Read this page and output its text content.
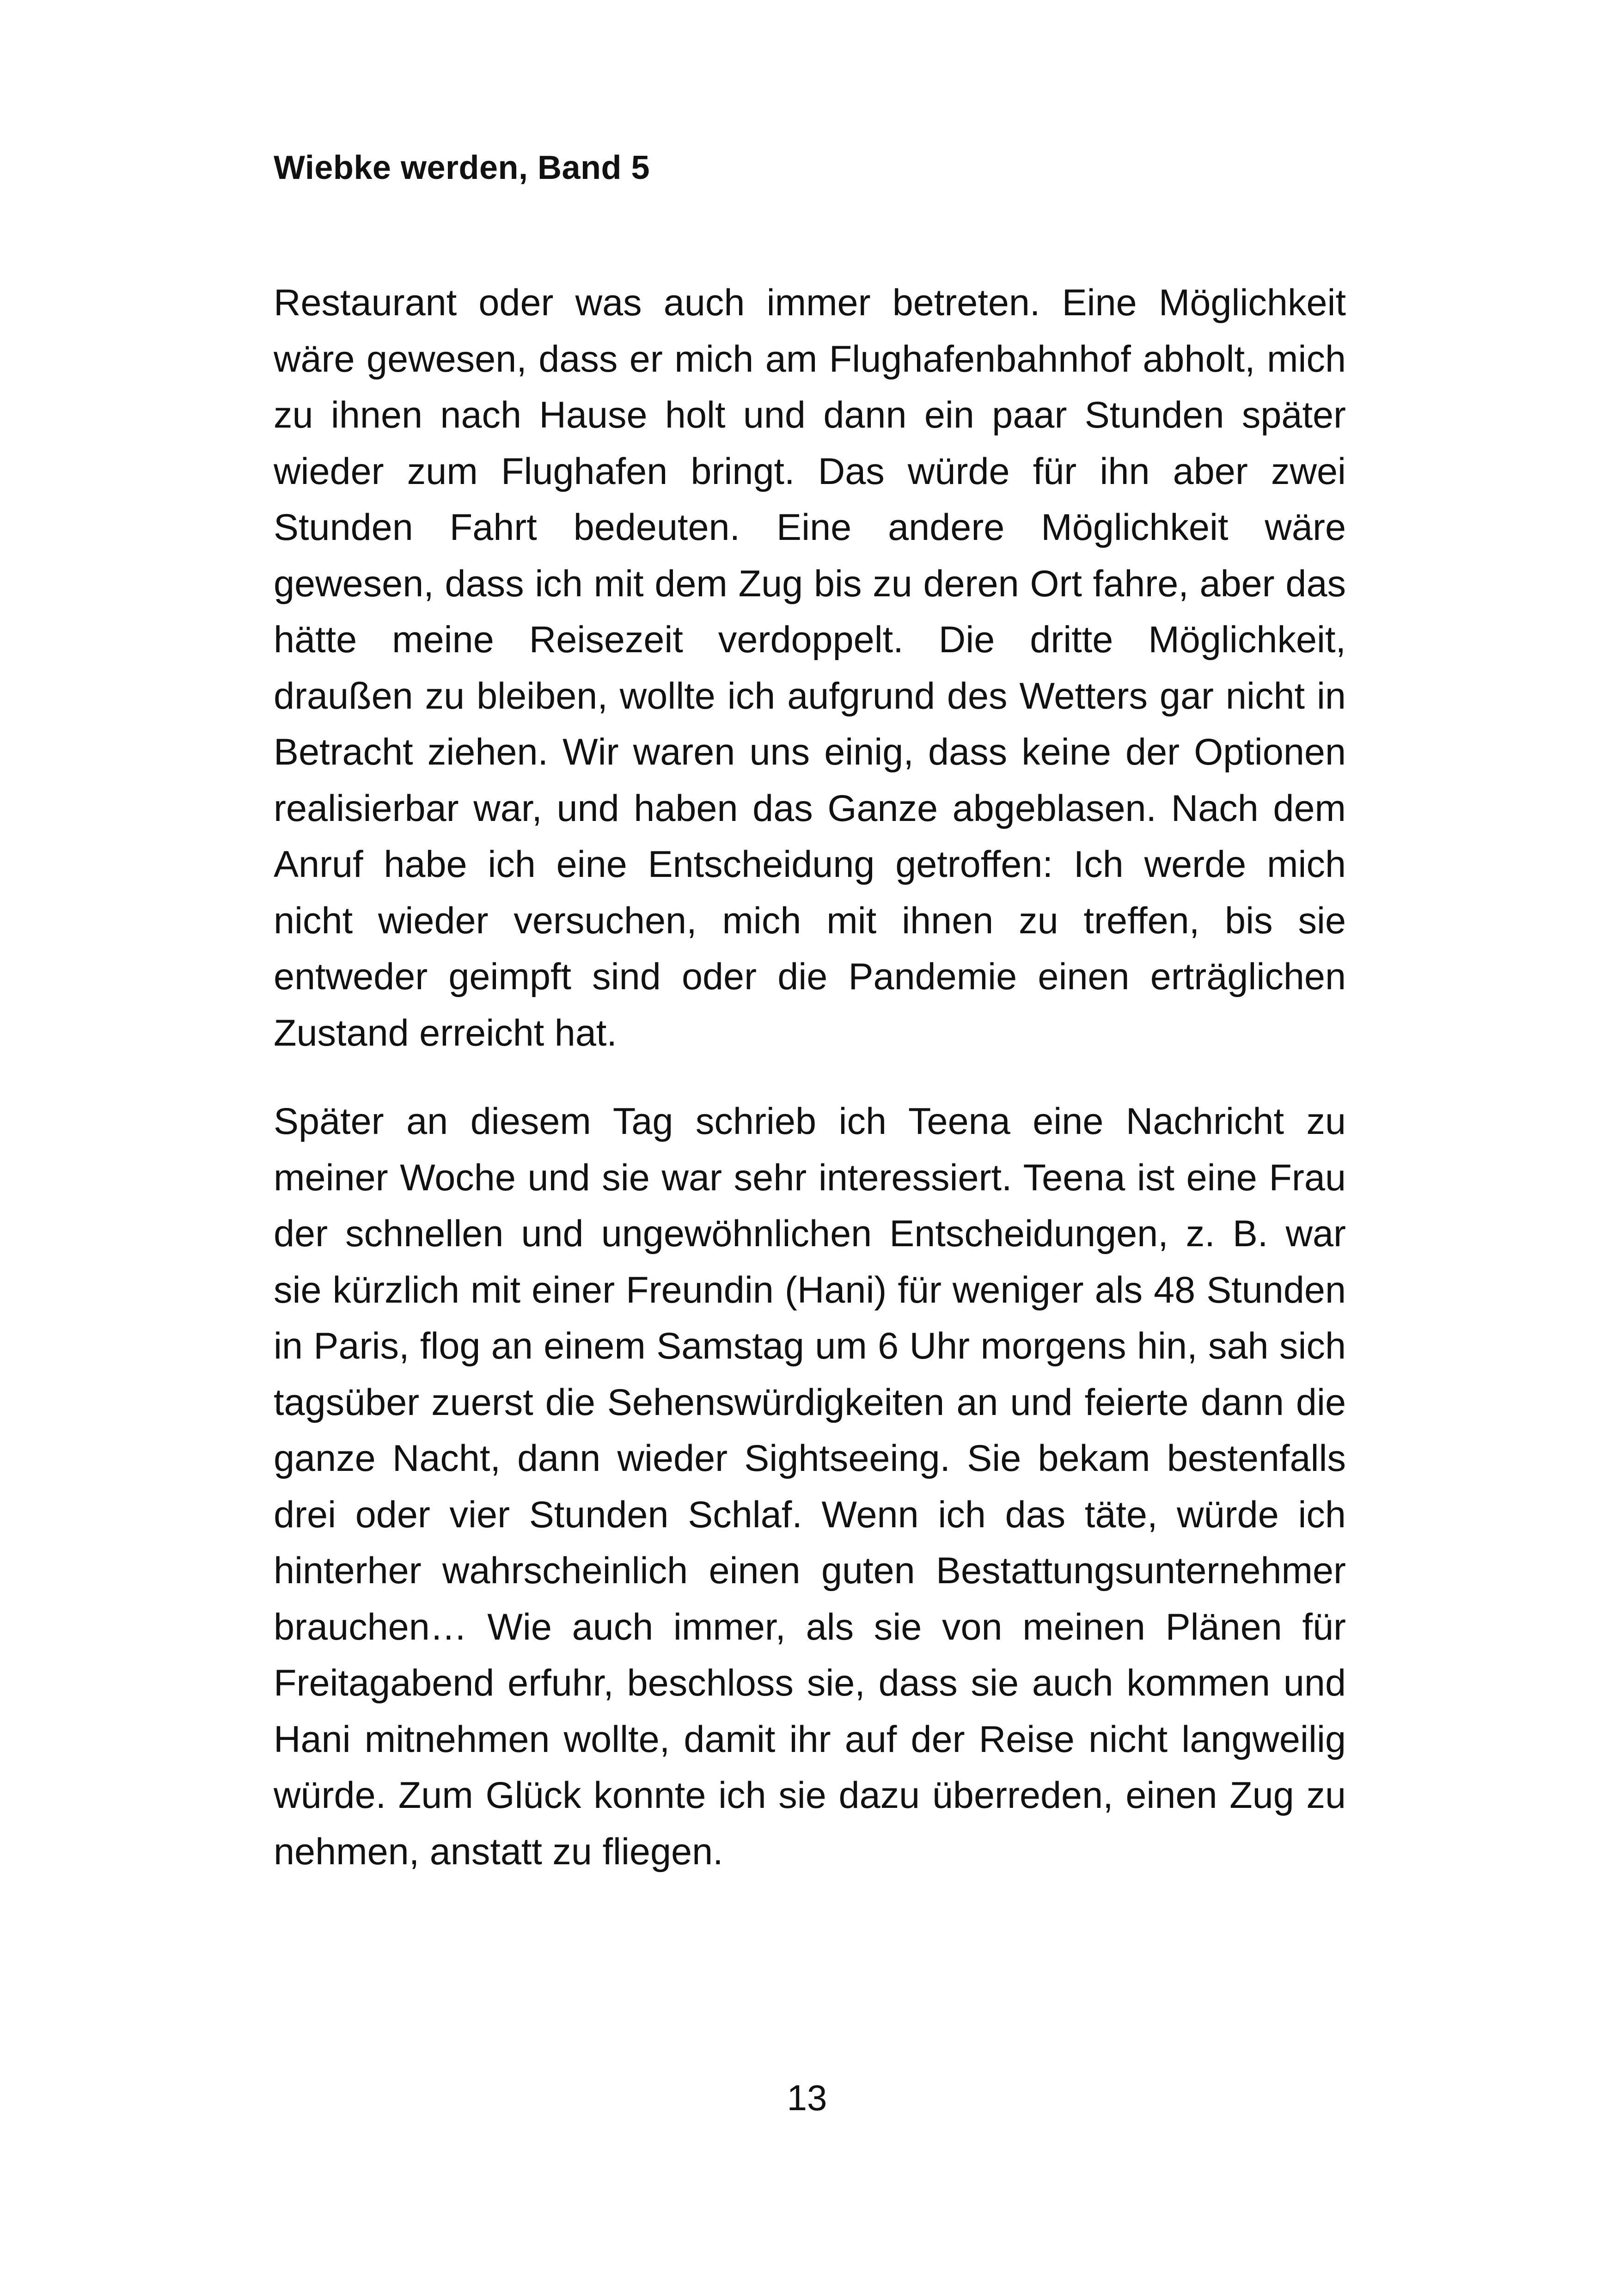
Wiebke werden, Band 5

Restaurant oder was auch immer betreten. Eine Möglichkeit wäre gewesen, dass er mich am Flughafenbahnhof abholt, mich zu ihnen nach Hause holt und dann ein paar Stunden später wieder zum Flughafen bringt. Das würde für ihn aber zwei Stunden Fahrt bedeuten. Eine andere Möglichkeit wäre gewesen, dass ich mit dem Zug bis zu deren Ort fahre, aber das hätte meine Reisezeit verdoppelt. Die dritte Möglichkeit, draußen zu bleiben, wollte ich aufgrund des Wetters gar nicht in Betracht ziehen. Wir waren uns einig, dass keine der Optionen realisierbar war, und haben das Ganze abgeblasen. Nach dem Anruf habe ich eine Entscheidung getroffen: Ich werde mich nicht wieder versuchen, mich mit ihnen zu treffen, bis sie entweder geimpft sind oder die Pandemie einen erträglichen Zustand erreicht hat.

Später an diesem Tag schrieb ich Teena eine Nachricht zu meiner Woche und sie war sehr interessiert. Teena ist eine Frau der schnellen und ungewöhnlichen Entscheidungen, z. B. war sie kürzlich mit einer Freundin (Hani) für weniger als 48 Stunden in Paris, flog an einem Samstag um 6 Uhr morgens hin, sah sich tagsüber zuerst die Sehenswürdigkeiten an und feierte dann die ganze Nacht, dann wieder Sightseeing. Sie bekam bestenfalls drei oder vier Stunden Schlaf. Wenn ich das täte, würde ich hinterher wahrscheinlich einen guten Bestattungsunternehmer brauchen… Wie auch immer, als sie von meinen Plänen für Freitagabend erfuhr, beschloss sie, dass sie auch kommen und Hani mitnehmen wollte, damit ihr auf der Reise nicht langweilig würde. Zum Glück konnte ich sie dazu überreden, einen Zug zu nehmen, anstatt zu fliegen.

13
